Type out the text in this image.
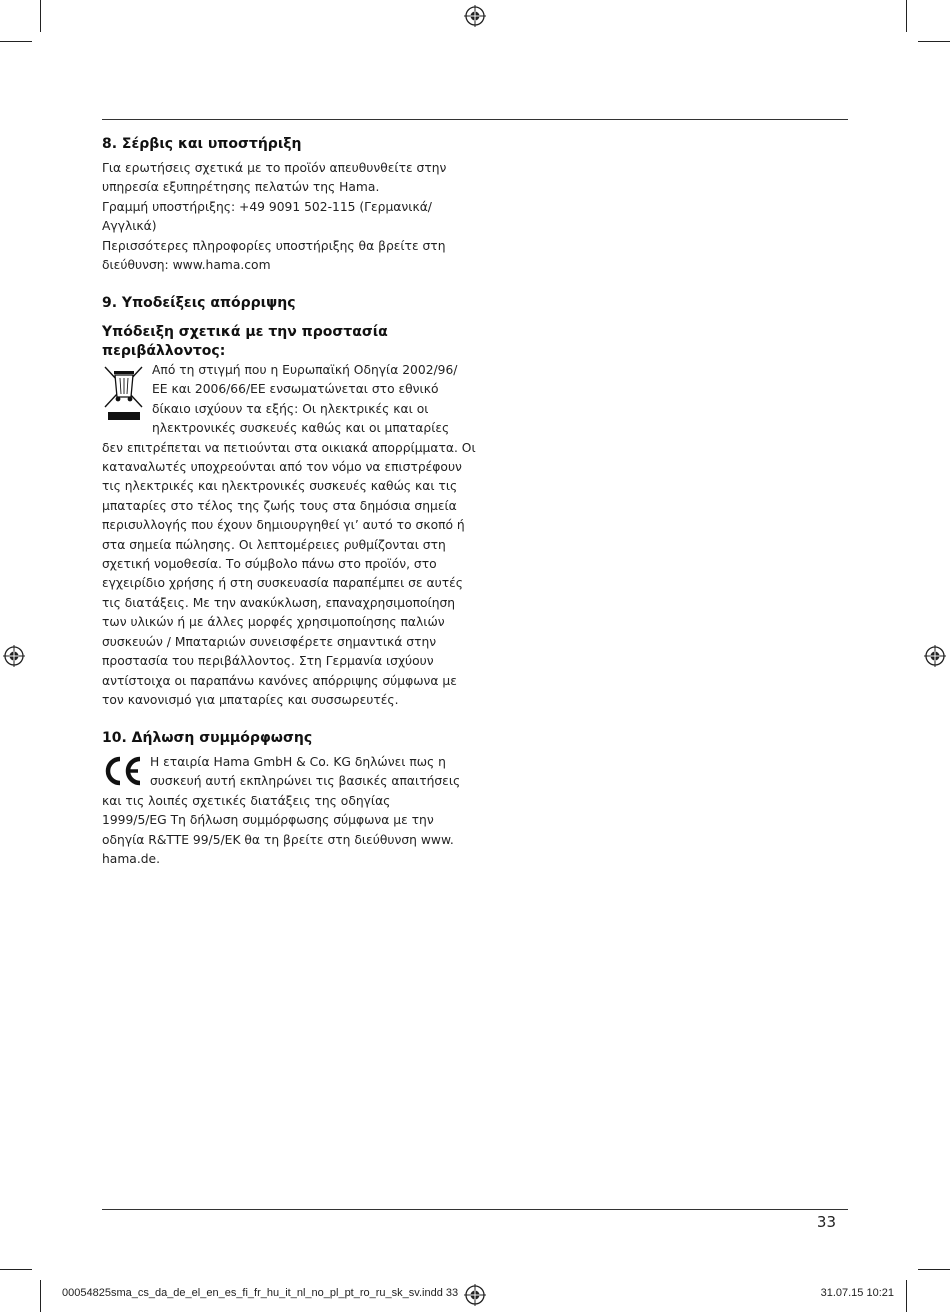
8. Σέρβις και υποστήριξη

Για ερωτήσεις σχετικά με το προϊόν απευθυνθείτε στην

υπηρεσία εξυπηρέτησης πελατών της Hama.

Γραμμή υποστήριξης: +49 9091 502-115 (Γερμανικά/

Αγγλικά)

Περισσότερες πληροφορίες υποστήριξης θα βρείτε στη

διεύθυνση: www.hama.com

9. Υποδείξεις απόρριψης
Υπόδειξη σχετικά με την προστασία
περιβάλλοντος:

Από τη στιγμή που η Ευρωπαϊκή Οδηγία 2002/96/

ΕΕ και 2006/66/ΕΕ ενσωματώνεται στο εθνικό

δίκαιο ισχύουν τα εξής: Οι ηλεκτρικές και οι

ηλεκτρονικές συσκευές καθώς και οι μπαταρίες

δεν επιτρέπεται να πετιούνται στα οικιακά απορρίμματα. Οι

καταναλωτές υποχρεούνται από τον νόμο να επιστρέφουν

τις ηλεκτρικές και ηλεκτρονικές συσκευές καθώς και τις

μπαταρίες στο τέλος της ζωής τους στα δημόσια σημεία

περισυλλογής που έχουν δημιουργηθεί γι’ αυτό το σκοπό ή

στα σημεία πώλησης. Οι λεπτομέρειες ρυθμίζονται στη

σχετική νομοθεσία. Το σύμβολο πάνω στο προϊόν, στο

εγχειρίδιο χρήσης ή στη συσκευασία παραπέμπει σε αυτές

τις διατάξεις. Με την ανακύκλωση, επαναχρησιμοποίηση

των υλικών ή με άλλες μορφές χρησιμοποίησης παλιών

συσκευών / Μπαταριών συνεισφέρετε σημαντικά στην

προστασία του περιβάλλοντος. Στη Γερμανία ισχύουν

αντίστοιχα οι παραπάνω κανόνες απόρριψης σύμφωνα με

τον κανονισμό για μπαταρίες και συσσωρευτές.

10. Δήλωση συμμόρφωσης

Η εταιρία Hama GmbH & Co. KG δηλώνει πως η

συσκευή αυτή εκπληρώνει τις βασικές απαιτήσεις

και τις λοιπές σχετικές διατάξεις της οδηγίας

1999/5/EG Τη δήλωση συμμόρφωσης σύμφωνα με την

οδηγία R&TTE 99/5/ΕΚ θα τη βρείτε στη διεύθυνση www.

hama.de.

33
00054825sma_cs_da_de_el_en_es_fi_fr_hu_it_nl_no_pl_pt_ro_ru_sk_sv.indd 33	31.07.15 10:21
